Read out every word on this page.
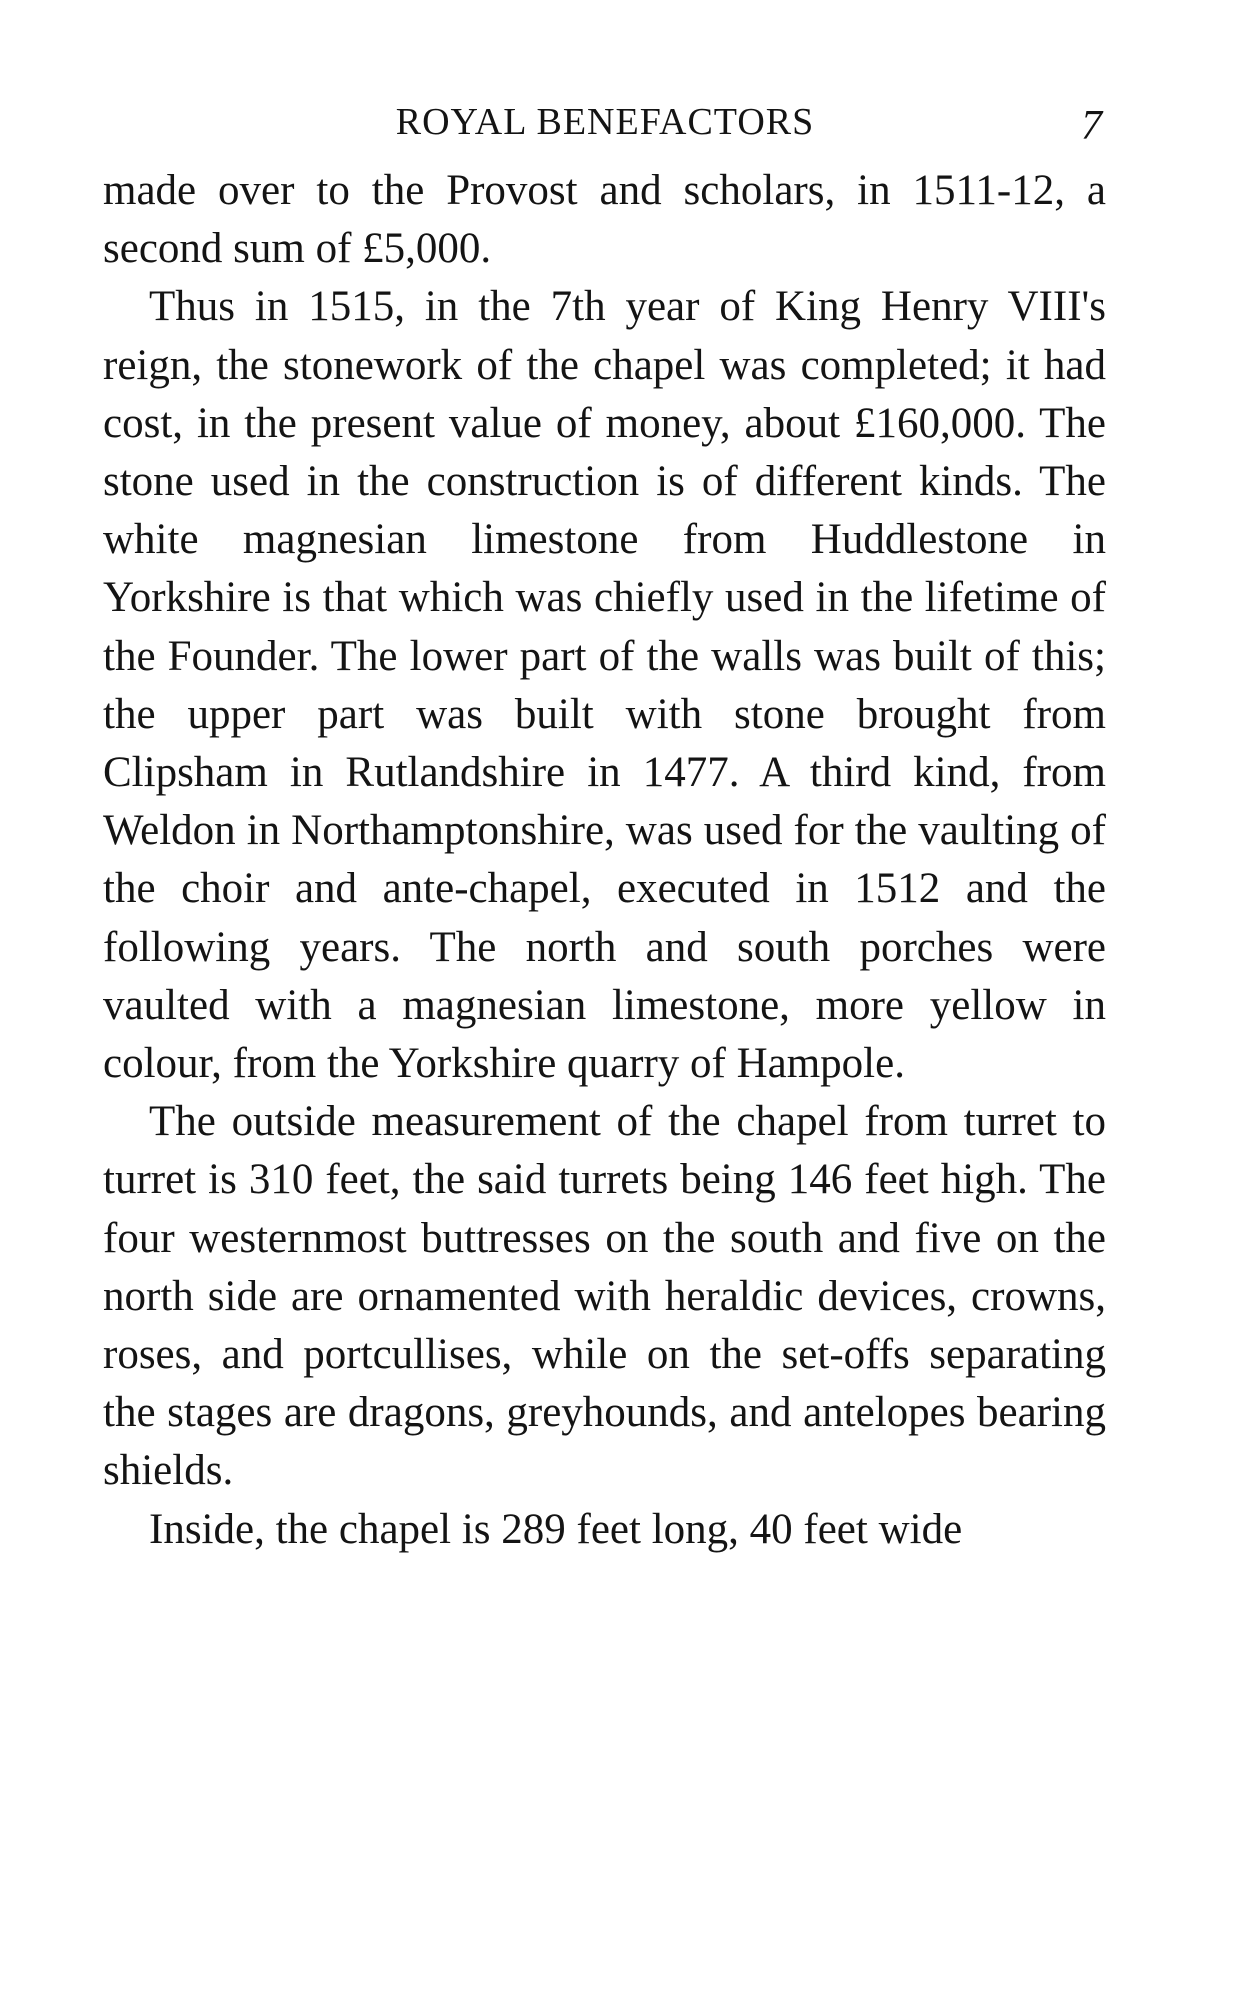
ROYAL BENEFACTORS	7

made over to the Provost and scholars, in 1511-12, a second sum of £5,000.

Thus in 1515, in the 7th year of King Henry VIII's reign, the stonework of the chapel was completed; it had cost, in the present value of money, about £160,000. The stone used in the construction is of different kinds. The white magnesian limestone from Huddlestone in Yorkshire is that which was chiefly used in the lifetime of the Founder. The lower part of the walls was built of this; the upper part was built with stone brought from Clipsham in Rutlandshire in 1477. A third kind, from Weldon in Northamptonshire, was used for the vaulting of the choir and ante-chapel, executed in 1512 and the following years. The north and south porches were vaulted with a magnesian limestone, more yellow in colour, from the Yorkshire quarry of Hampole.

The outside measurement of the chapel from turret to turret is 310 feet, the said turrets being 146 feet high. The four westernmost buttresses on the south and five on the north side are ornamented with heraldic devices, crowns, roses, and portcullises, while on the set-offs separating the stages are dragons, greyhounds, and antelopes bearing shields.

Inside, the chapel is 289 feet long, 40 feet wide
